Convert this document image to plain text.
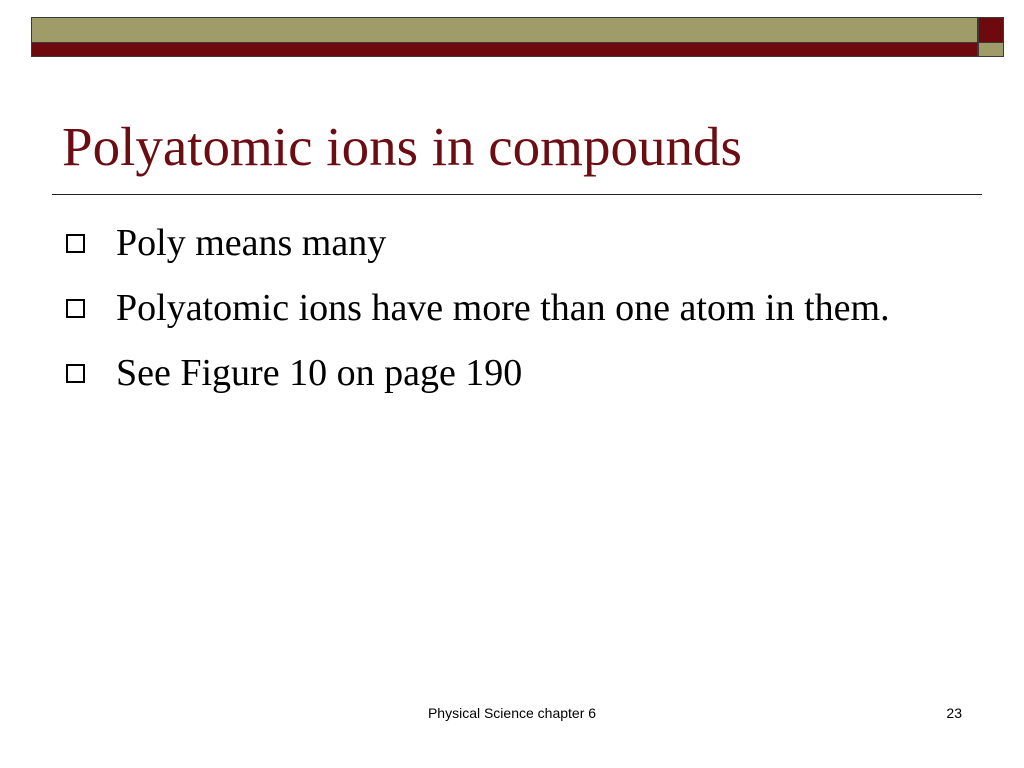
Polyatomic ions in compounds
Poly means many
Polyatomic ions have more than one atom in them.
See Figure 10 on page 190
Physical Science chapter 6	23
